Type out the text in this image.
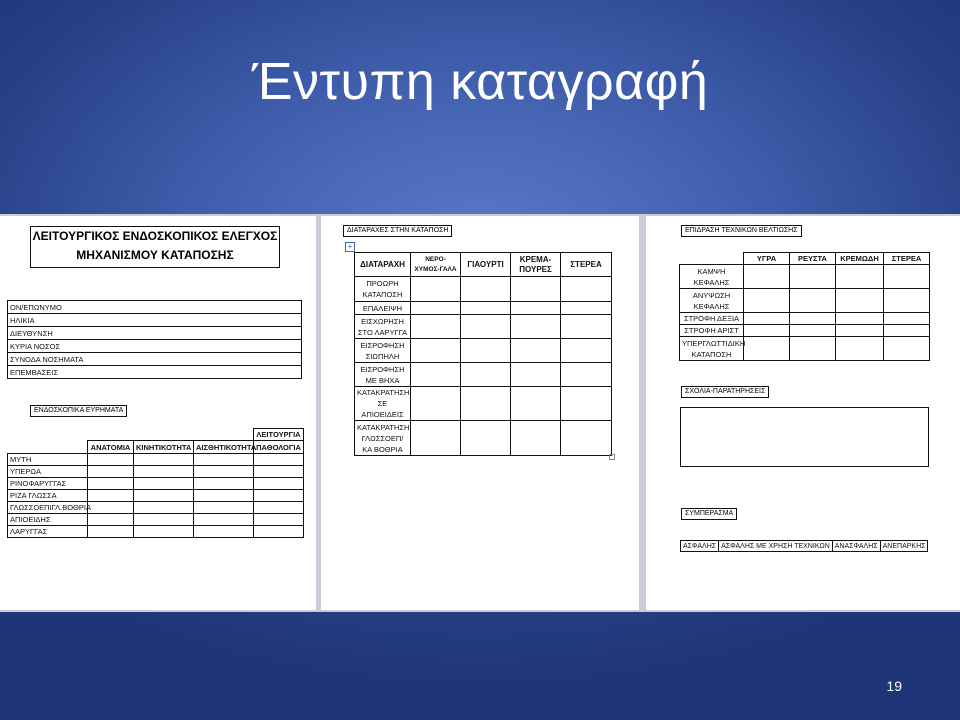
Έντυπη καταγραφή
ΛΕΙΤΟΥΡΓΙΚΟΣ ΕΝΔΟΣΚΟΠΙΚΟΣ ΕΛΕΓΧΟΣ
ΜΗΧΑΝΙΣΜΟΥ ΚΑΤΑΠΟΣΗΣ
ΟΝ/ΕΠΩΝΥΜΟ
ΗΛΙΚΙΑ
ΔΙΕΥΘΥΝΣΗ
ΚΥΡΙΑ ΝΟΣΟΣ
ΣΥΝΟΔΑ ΝΟΣΗΜΑΤΑ
ΕΠΕΜΒΑΣΕΙΣ
ΕΝΔΟΣΚΟΠΙΚΑ ΕΥΡΗΜΑΤΑ
				ΛΕΙΤΟΥΡΓΙΑ
	ΑΝΑΤΟΜΙΑ	ΚΙΝΗΤΙΚΟΤΗΤΑ	ΑΙΣΘΗΤΙΚΟΤΗΤΑ	ΠΑΘΟΛΟΓΙΑ
ΜΥΤΗ				
ΥΠΕΡΩΑ				
ΡΙΝΟΦΑΡΥΓΓΑΣ				
ΡΙΖΑ ΓΛΩΣΣΑ				
ΓΛΩΣΣΟΕΠΙΓΛ.ΒΟΘΡΙΑ				
ΑΠΙΟΕΙΔΗΣ				
ΛΑΡΥΓΓΑΣ				
ΔΙΑΤΑΡΑΧΕΣ ΣΤΗΝ ΚΑΤΑΠΟΣΗ
+
ΔΙΑΤΑΡΑΧΗ	ΝΕΡΟ-ΧΥΜΟΣ-ΓΑΛΑ	ΓΙΑΟΥΡΤΙ	ΚΡΕΜΑ-ΠΟΥΡΕΣ	ΣΤΕΡΕΑ
ΠΡΟΩΡΗ ΚΑΤΑΠΟΣΗ				
ΕΠΑΛΕΙΨΗ				
ΕΙΣΧΩΡΗΣΗ ΣΤΟ ΛΑΡΥΓΓΑ				
ΕΙΣΡΟΦΗΣΗ ΣΙΩΠΗΛΗ				
ΕΙΣΡΟΦΗΣΗ ΜΕ ΒΗΧΑ				
ΚΑΤΑΚΡΑΤΗΣΗ ΣΕ ΑΠΙΟΕΙΔΕΙΣ				
ΚΑΤΑΚΡΑΤΗΣΗ ΓΛΩΣΣΟΕΠ/ΚΑ ΒΟΘΡΙΑ				
ΕΠΙΔΡΑΣΗ ΤΕΧΝΙΚΩΝ ΒΕΛΤΙΩΣΗΣ
	ΥΓΡΑ	ΡΕΥΣΤΑ	ΚΡΕΜΩΔΗ	ΣΤΕΡΕΑ
ΚΑΜΨΗ ΚΕΦΑΛΗΣ				
ΑΝΥΨΩΣΗ ΚΕΦΑΛΗΣ				
ΣΤΡΟΦΗ ΔΕΞΙΑ				
ΣΤΡΟΦΗ ΑΡΙΣΤ				
ΥΠΕΡΓΛΩΤΤΙΔΙΚΗ ΚΑΤΑΠΟΣΗ				
ΣΧΟΛΙΑ-ΠΑΡΑΤΗΡΗΣΕΙΣ
ΣΥΜΠΕΡΑΣΜΑ
ΑΣΦΑΛΗΣ	ΑΣΦΑΛΗΣ ΜΕ ΧΡΗΣΗ ΤΕΧΝΙΚΩΝ	ΑΝΑΣΦΑΛΗΣ	ΑΝΕΠΑΡΚΗΣ
19
